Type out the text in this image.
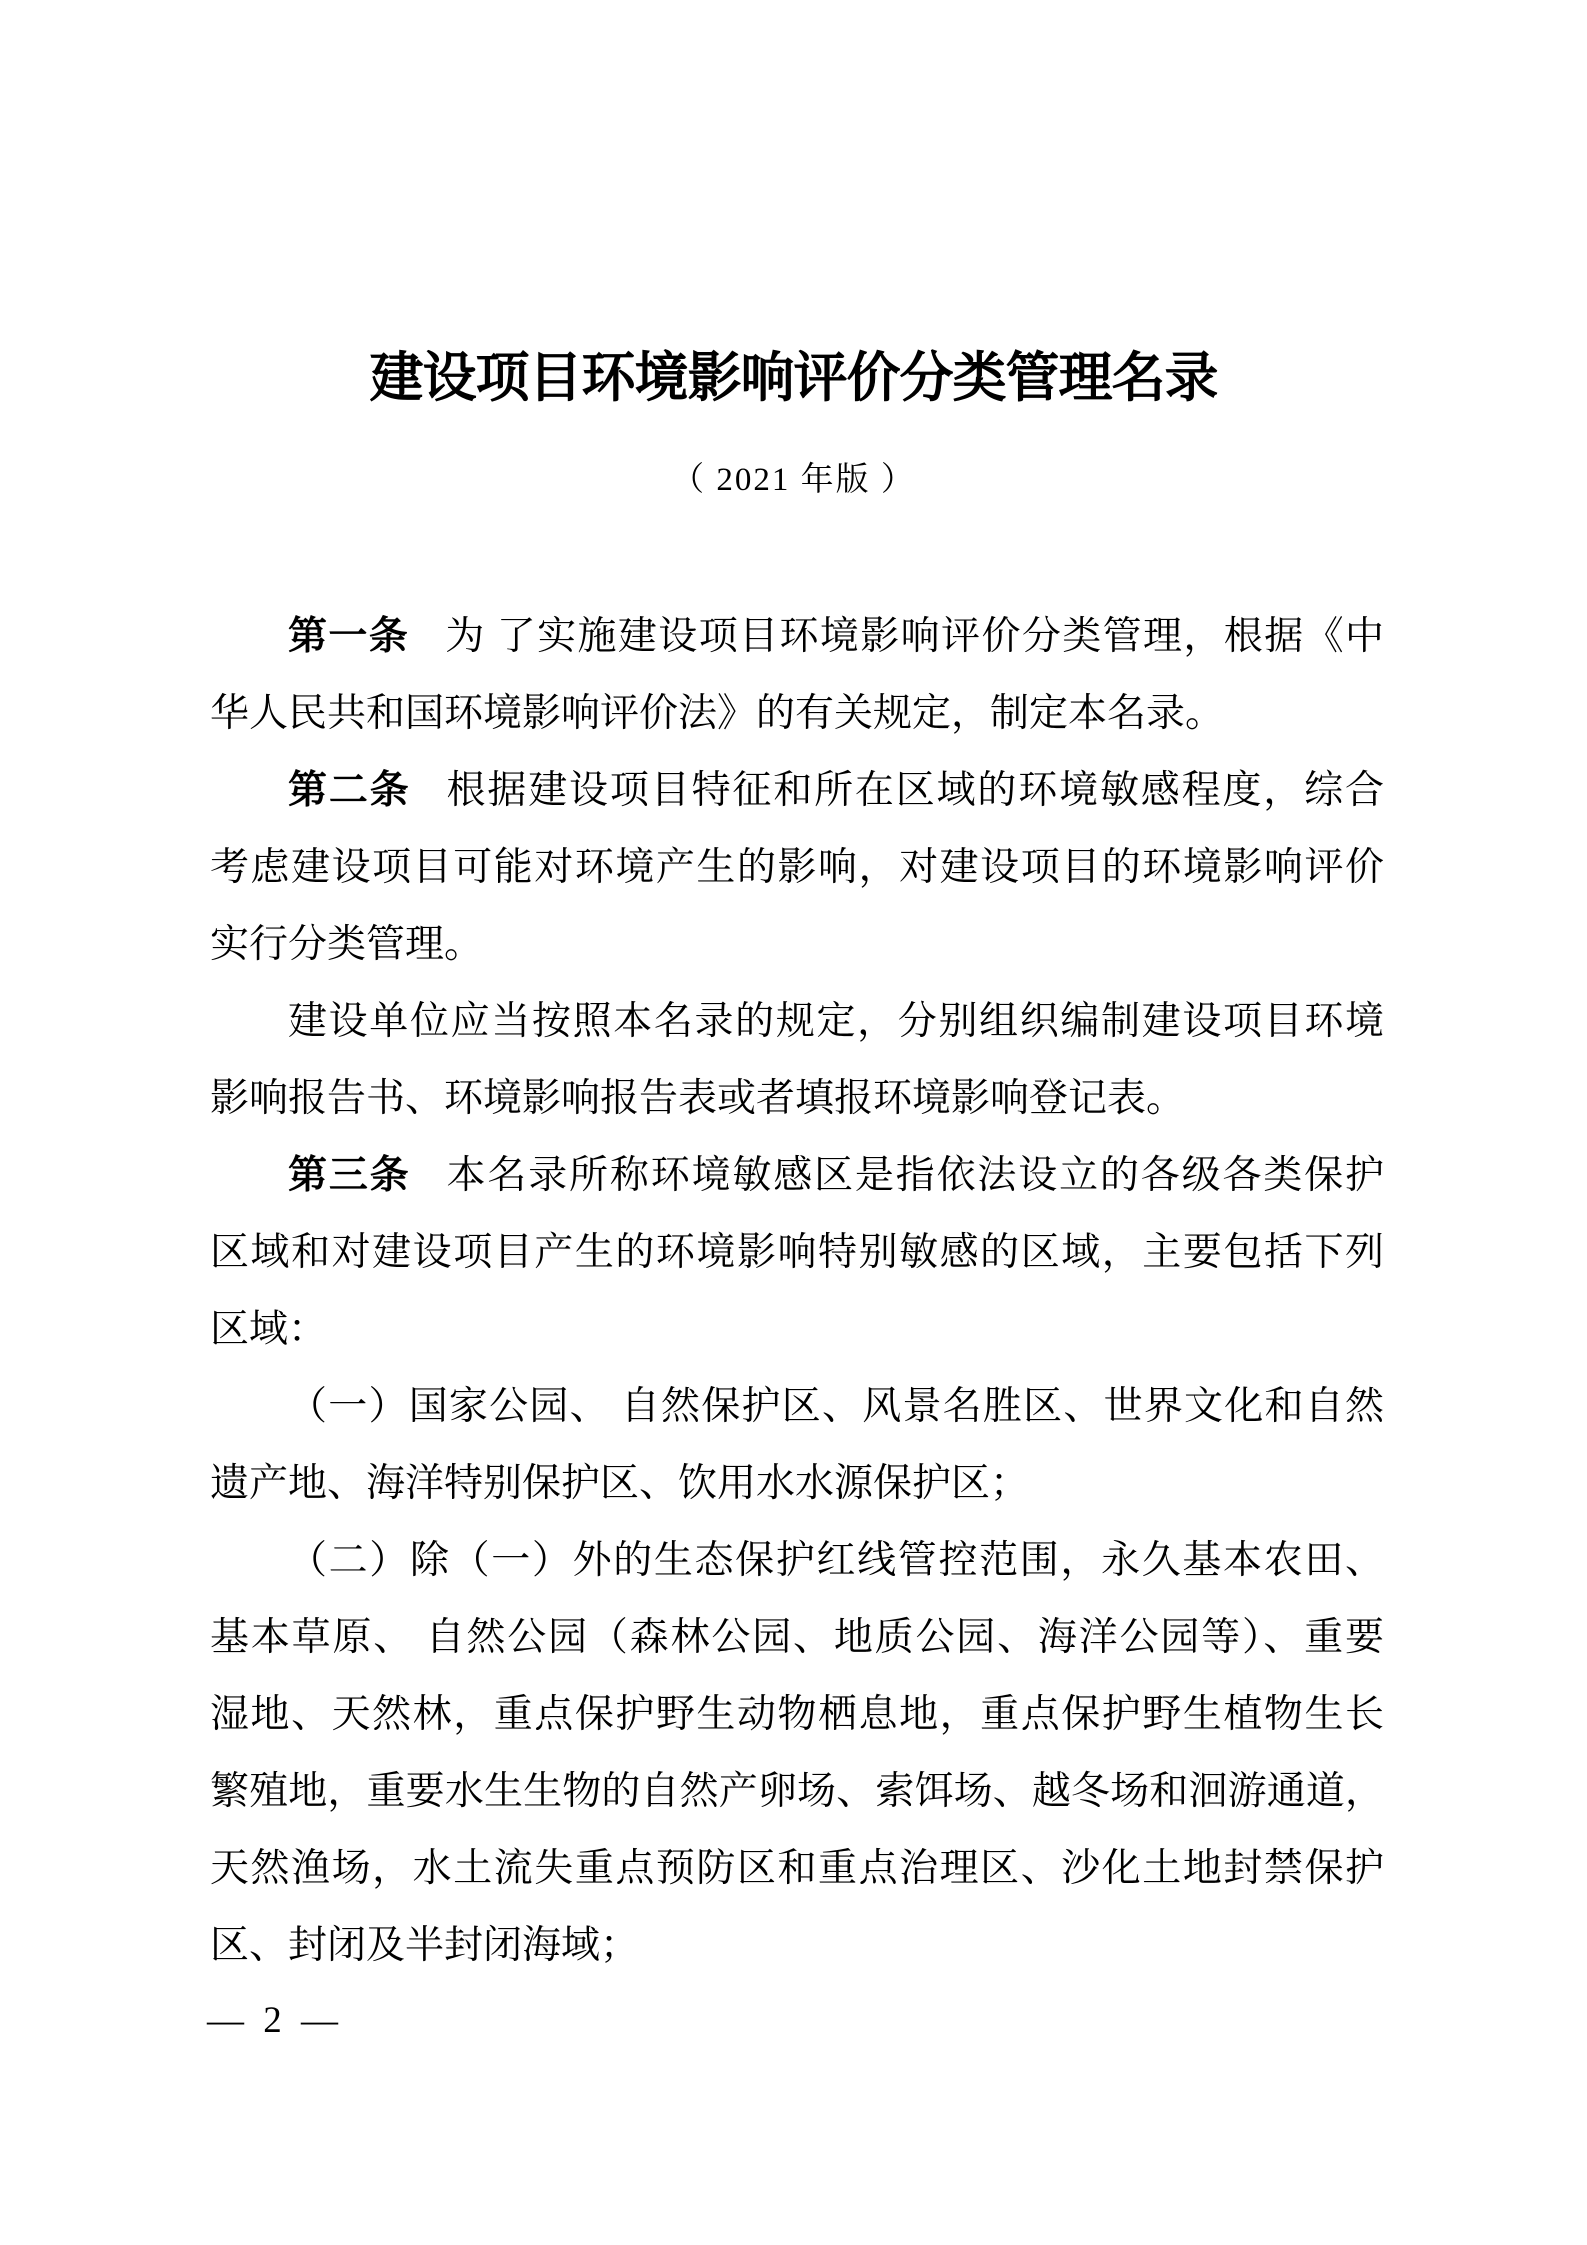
建设项目环境影响评价分类管理名录
（ 2021 年版 ）
第一条 为 了实施建设项目环境影响评价分类管理，根据《中
华人民共和国环境影响评价法》的有关规定，制定本名录。
第二条 根据建设项目特征和所在区域的环境敏感程度，综合
考虑建设项目可能对环境产生的影响，对建设项目的环境影响评价
实行分类管理。
建设单位应当按照本名录的规定，分别组织编制建设项目环境
影响报告书、环境影响报告表或者填报环境影响登记表。
第三条 本名录所称环境敏感区是指依法设立的各级各类保护
区域和对建设项目产生的环境影响特别敏感的区域，主要包括下列
区域：
（一）国家公园、 自然保护区、风景名胜区、世界文化和自然
遗产地、海洋特别保护区、饮用水水源保护区；
（二）除（一）外的生态保护红线管控范围，永久基本农田、
基本草原、 自然公园（森林公园、地质公园、海洋公园等）、重要
湿地、天然林，重点保护野生动物栖息地，重点保护野生植物生长
繁殖地，重要水生生物的自然产卵场、索饵场、越冬场和洄游通道，
天然渔场，水土流失重点预防区和重点治理区、沙化土地封禁保护
区、封闭及半封闭海域；
— 2 —
